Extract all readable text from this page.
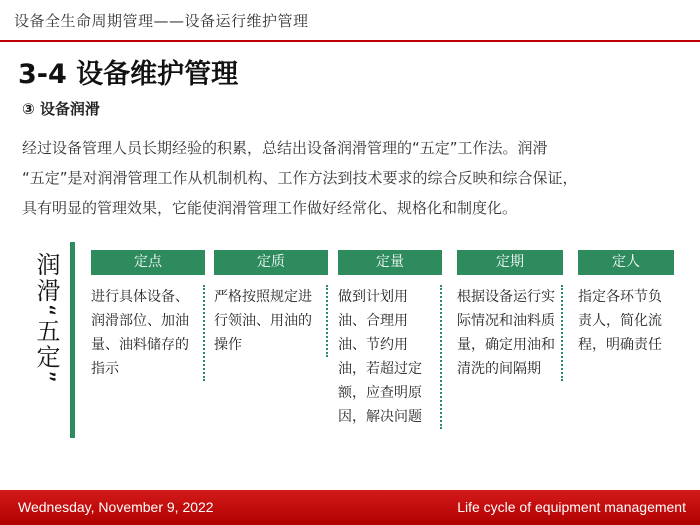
设备全生命周期管理——设备运行维护管理
3-4 设备维护管理
③ 设备润滑

经过设备管理人员长期经验的积累，总结出设备润滑管理的“五定”工作法。润滑

“五定”是对润滑管理工作从机制机构、工作方法到技术要求的综合反映和综合保证，

具有明显的管理效果，它能使润滑管理工作做好经常化、规格化和制度化。

润滑“五定”	定点
进行具体设备、润滑部位、加油量、油料储存的指示
定质
严格按照规定进行领油、用油的操作
定量
做到计划用油、合理用油、节约用油，若超过定额，应查明原因，解决问题
定期
根据设备运行实际情况和油料质量，确定用油和清洗的间隔期
定人
指定各环节负责人，简化流程，明确责任
Wednesday, November 9, 2022	Life cycle of equipment management
